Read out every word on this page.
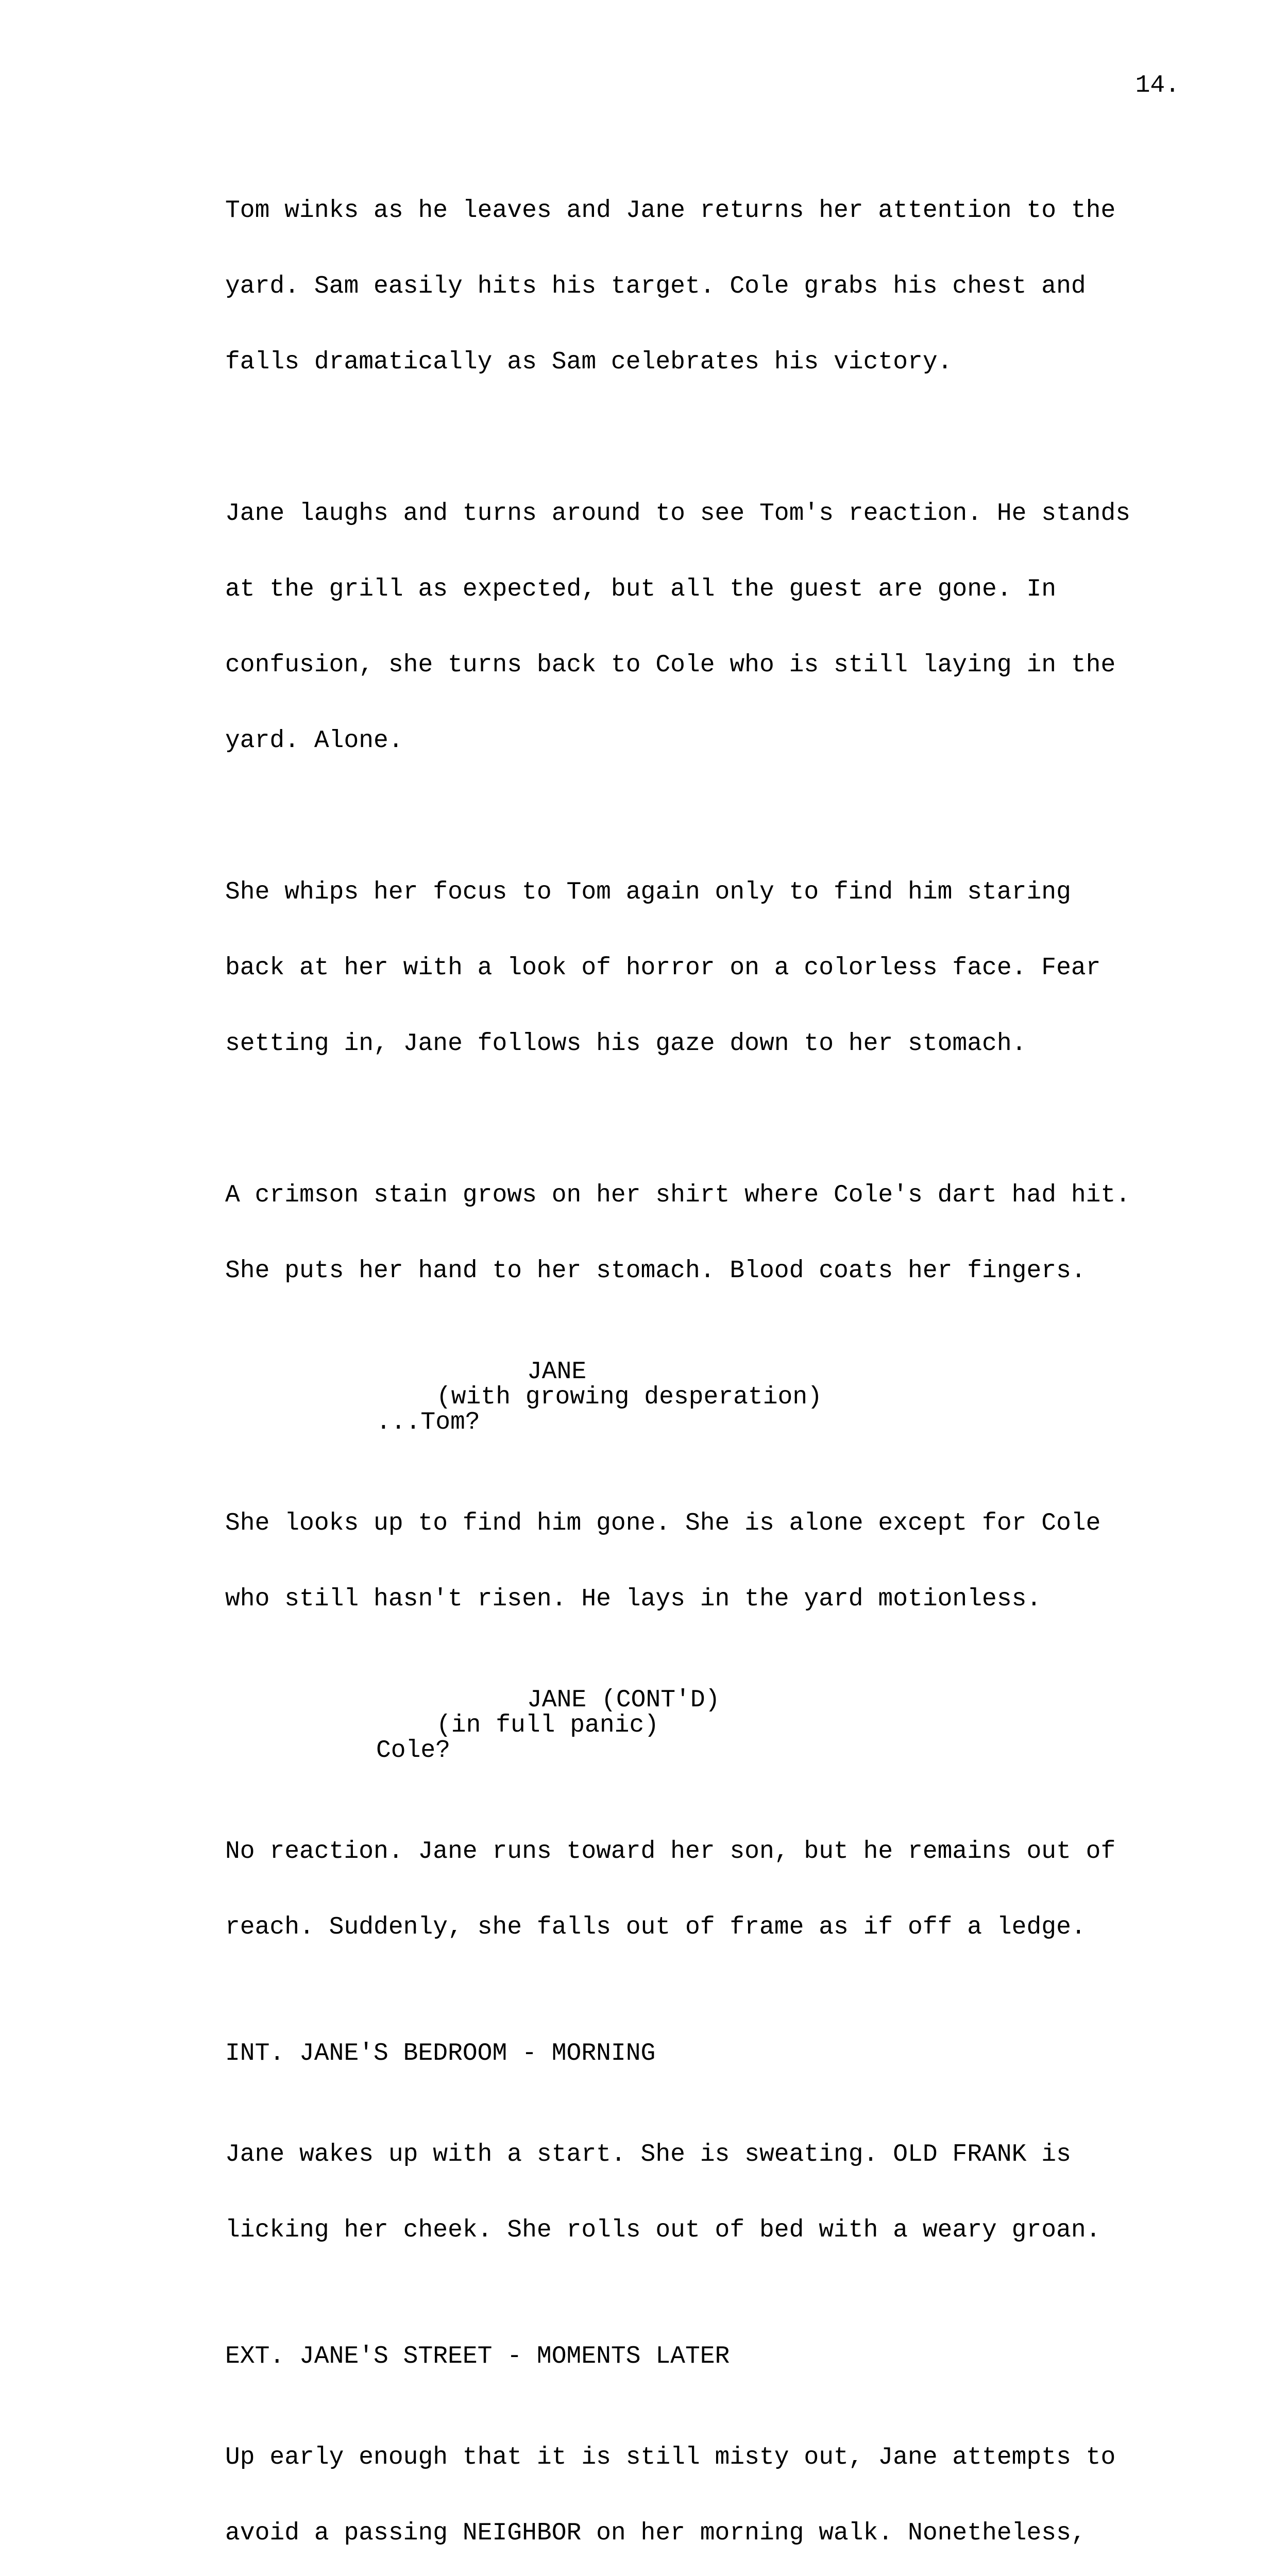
14.

Tom winks as he leaves and Jane returns her attention to the

yard. Sam easily hits his target. Cole grabs his chest and

falls dramatically as Sam celebrates his victory.

Jane laughs and turns around to see Tom's reaction. He stands

at the grill as expected, but all the guest are gone. In

confusion, she turns back to Cole who is still laying in the

yard. Alone.

She whips her focus to Tom again only to find him staring

back at her with a look of horror on a colorless face. Fear

setting in, Jane follows his gaze down to her stomach.

A crimson stain grows on her shirt where Cole's dart had hit.

She puts her hand to her stomach. Blood coats her fingers.

JANE
(with growing desperation)
...Tom?

She looks up to find him gone. She is alone except for Cole

who still hasn't risen. He lays in the yard motionless.

JANE (CONT'D)
(in full panic)
Cole?

No reaction. Jane runs toward her son, but he remains out of

reach. Suddenly, she falls out of frame as if off a ledge.

INT. JANE'S BEDROOM - MORNING

Jane wakes up with a start. She is sweating. OLD FRANK is

licking her cheek. She rolls out of bed with a weary groan.

EXT. JANE'S STREET - MOMENTS LATER

Up early enough that it is still misty out, Jane attempts to

avoid a passing NEIGHBOR on her morning walk. Nonetheless,
